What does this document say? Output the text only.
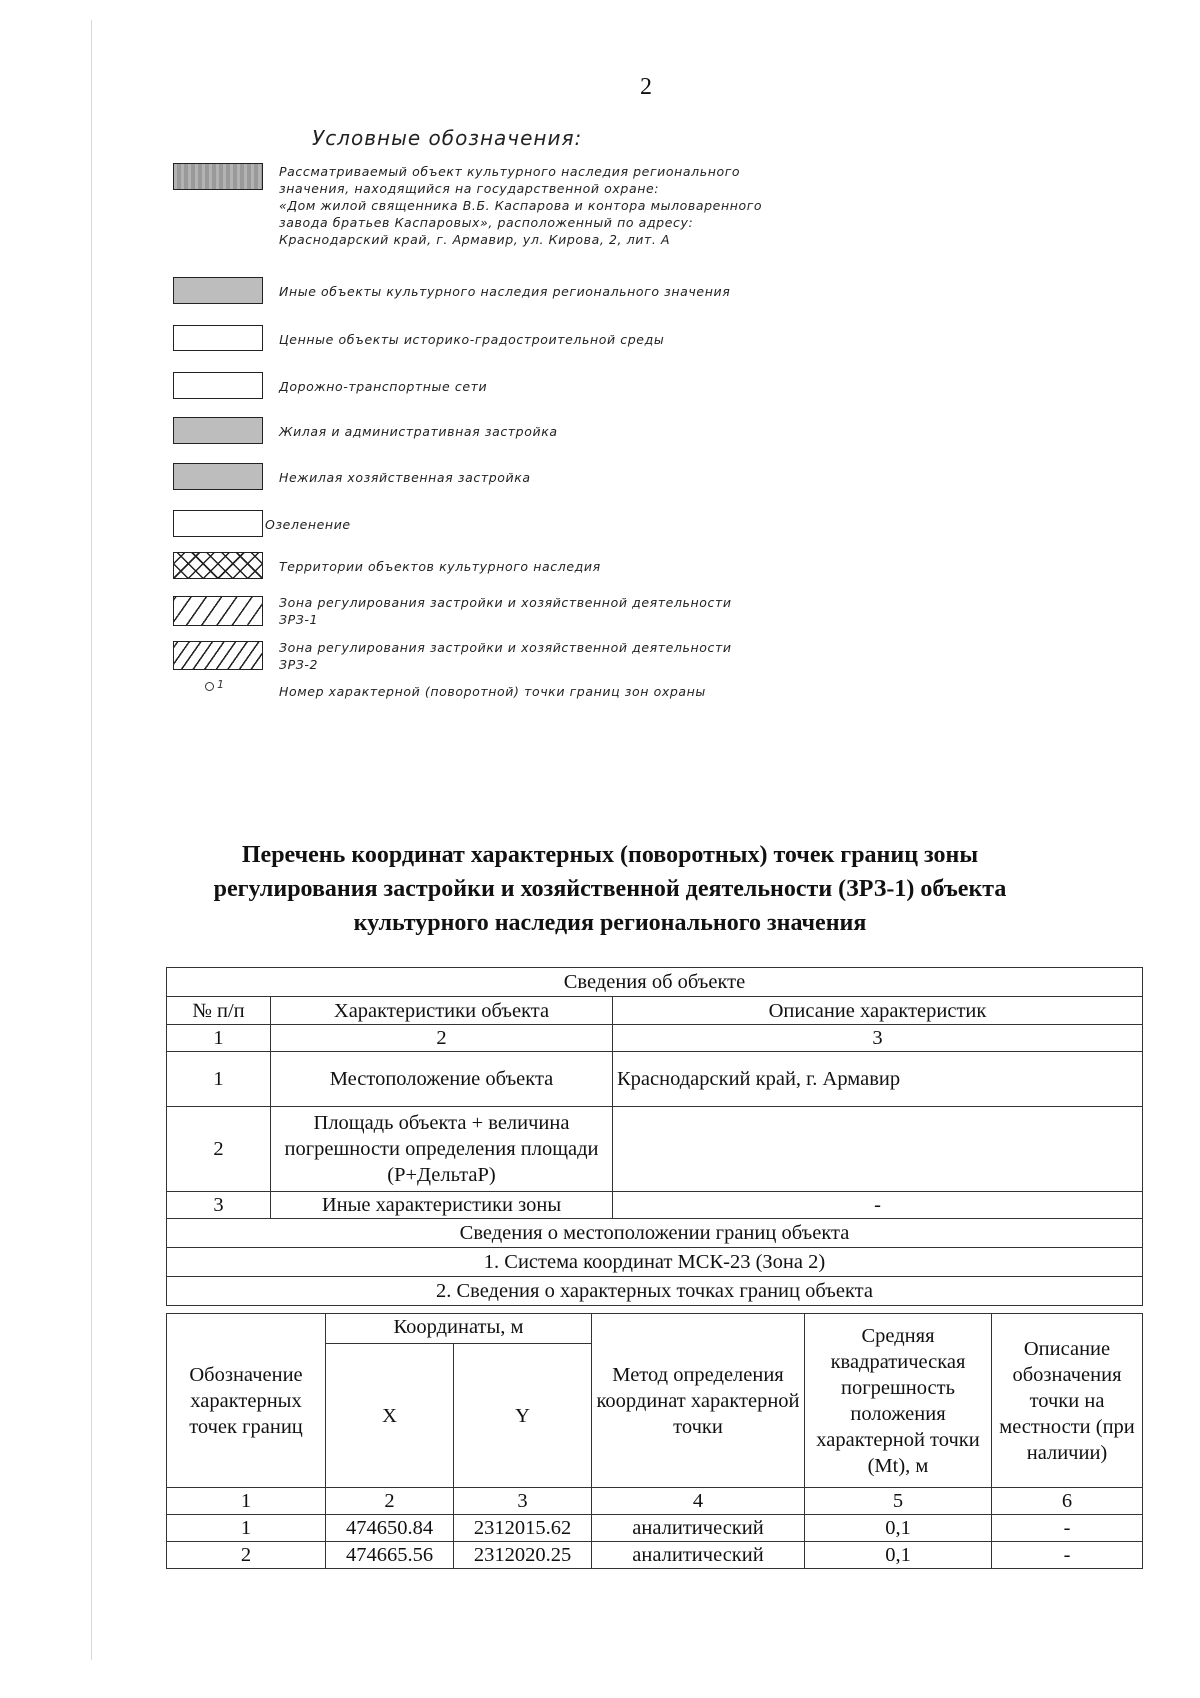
2
Условные обозначения:
Рассматриваемый объект культурного наследия регионального
значения, находящийся на государственной охране:
«Дом жилой священника В.Б. Каспарова и контора мыловаренного
завода братьев Каспаровых», расположенный по адресу:
Краснодарский край, г. Армавир, ул. Кирова, 2, лит. А
Иные объекты культурного наследия регионального значения
Ценные объекты историко-градостроительной среды
Дорожно-транспортные сети
Жилая и административная застройка
Нежилая хозяйственная застройка
Озеленение
Территории объектов культурного наследия
Зона регулирования застройки и хозяйственной деятельности
ЗРЗ-1
Зона регулирования застройки и хозяйственной деятельности
ЗРЗ-2
1	Номер характерной (поворотной) точки границ зон охраны
Перечень координат характерных (поворотных) точек границ зоны
регулирования застройки и хозяйственной деятельности (ЗРЗ-1) объекта
культурного наследия регионального значения
Сведения об объекте		
№ п/п	Характеристики объекта	Описание характеристик
1	2	3
1	Местоположение объекта	Краснодарский край, г. Армавир
2	Площадь объекта + величина погрешности определения площади (P+ДельтаP)	
3	Иные характеристики зоны	-
Сведения о местоположении границ объекта		
1. Система координат МСК-23 (Зона 2)		
2. Сведения о характерных точках границ объекта		
Обозначение характерных точек границ	Координаты, м		Метод определения координат характерной точки	Средняя квадратическая погрешность положения характерной точки (Mt), м	Описание обозначения точки на местности (при наличии)
	X	Y			
1	2	3	4	5	6
1	474650.84	2312015.62	аналитический	0,1	-
2	474665.56	2312020.25	аналитический	0,1	-
